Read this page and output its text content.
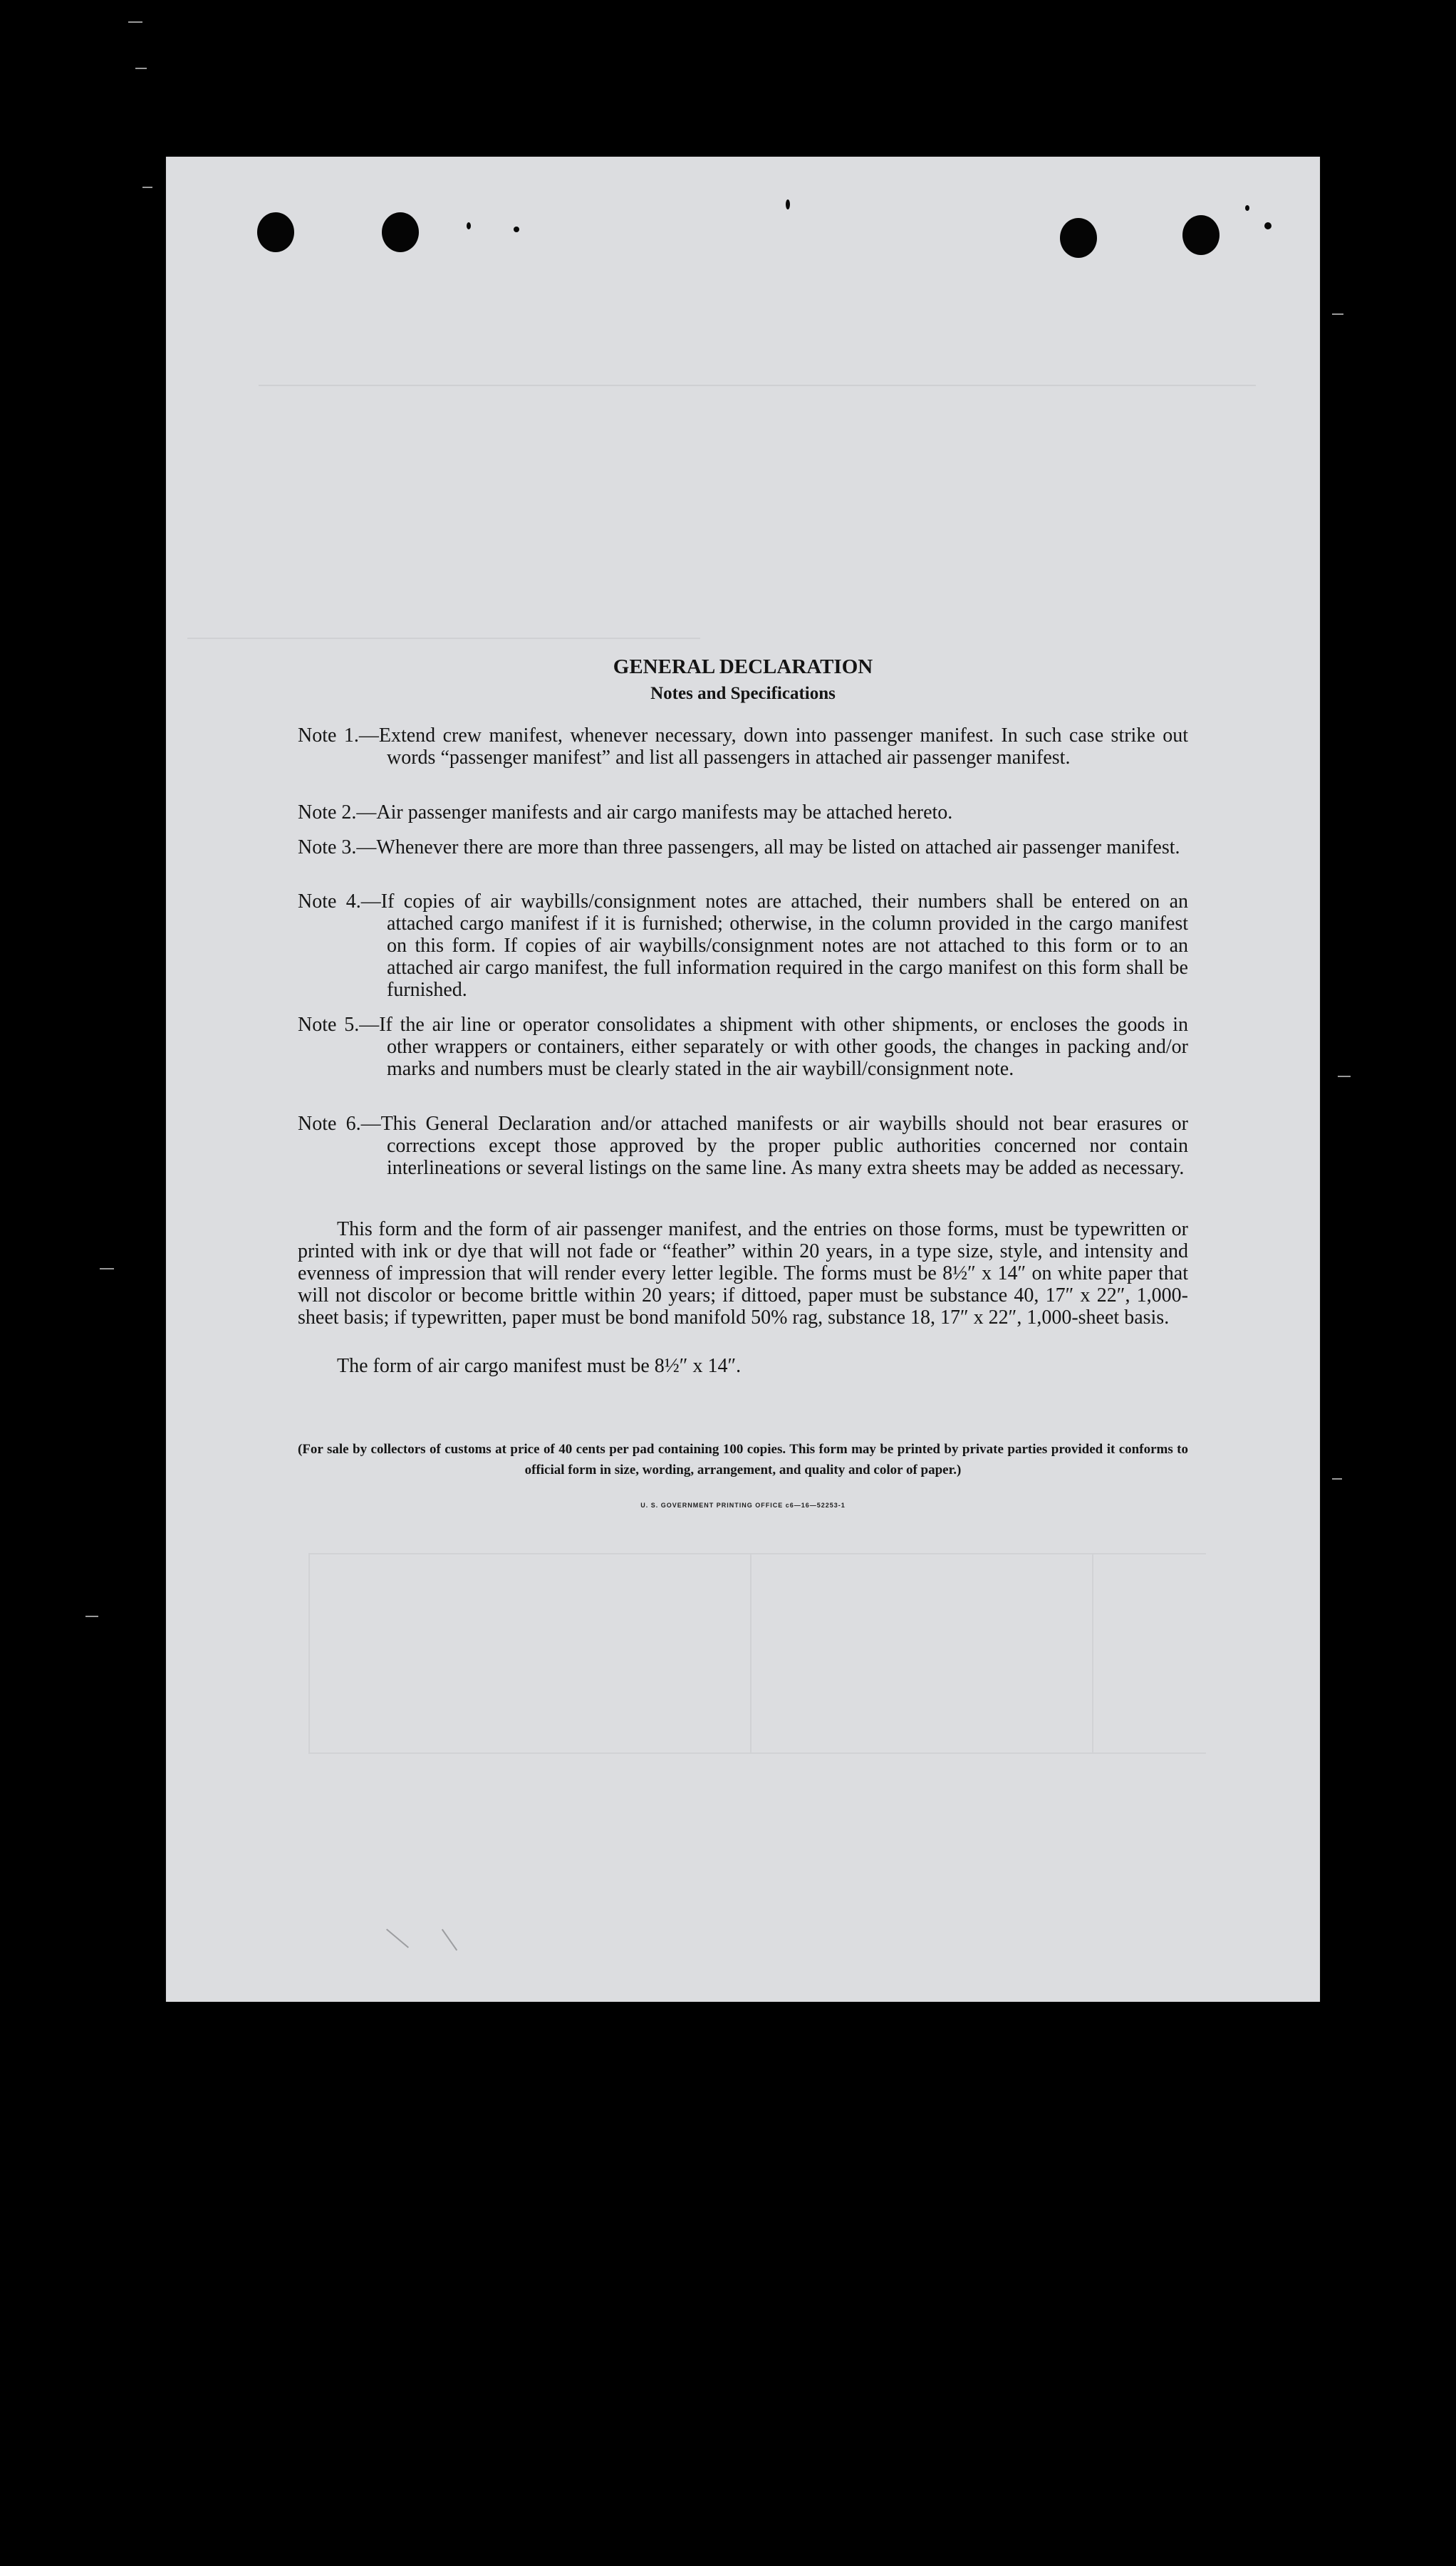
GENERAL DECLARATION
Notes and Specifications
Note 1.—Extend crew manifest, whenever necessary, down into passenger manifest. In such case strike out words “passenger manifest” and list all passengers in attached air passenger manifest.
Note 2.—Air passenger manifests and air cargo manifests may be attached hereto.
Note 3.—Whenever there are more than three passengers, all may be listed on attached air passenger manifest.
Note 4.—If copies of air waybills/consignment notes are attached, their numbers shall be entered on an attached cargo manifest if it is furnished; otherwise, in the column provided in the cargo manifest on this form. If copies of air waybills/consignment notes are not attached to this form or to an attached air cargo manifest, the full information required in the cargo manifest on this form shall be furnished.
Note 5.—If the air line or operator consolidates a shipment with other shipments, or encloses the goods in other wrappers or containers, either separately or with other goods, the changes in packing and/or marks and numbers must be clearly stated in the air waybill/consignment note.
Note 6.—This General Declaration and/or attached manifests or air waybills should not bear erasures or corrections except those approved by the proper public authorities concerned nor contain interlineations or several listings on the same line. As many extra sheets may be added as necessary.
This form and the form of air passenger manifest, and the entries on those forms, must be typewritten or printed with ink or dye that will not fade or “feather” within 20 years, in a type size, style, and intensity and evenness of impression that will render every letter legible. The forms must be 8½″ x 14″ on white paper that will not discolor or become brittle within 20 years; if dittoed, paper must be substance 40, 17″ x 22″, 1,000-sheet basis; if typewritten, paper must be bond manifold 50% rag, substance 18, 17″ x 22″, 1,000-sheet basis.
The form of air cargo manifest must be 8½″ x 14″.
(For sale by collectors of customs at price of 40 cents per pad containing 100 copies. This form may be printed by private parties provided it conforms to official form in size, wording, arrangement, and quality and color of paper.)
U. S. GOVERNMENT PRINTING OFFICE c6—16—52253-1
